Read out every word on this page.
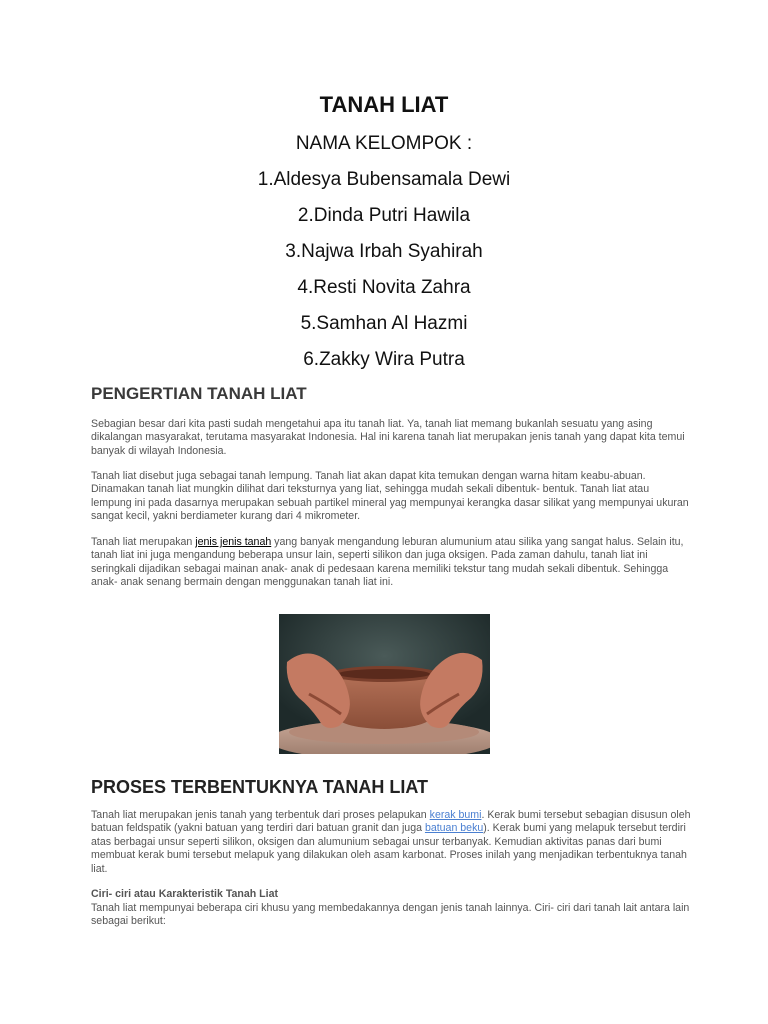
TANAH LIAT
NAMA KELOMPOK :
1.Aldesya Bubensamala Dewi
2.Dinda Putri Hawila
3.Najwa Irbah Syahirah
4.Resti Novita Zahra
5.Samhan Al Hazmi
6.Zakky Wira Putra
PENGERTIAN TANAH LIAT

Sebagian besar dari kita pasti sudah mengetahui apa itu tanah liat. Ya, tanah liat memang bukanlah sesuatu yang asing dikalangan masyarakat, terutama masyarakat Indonesia. Hal ini karena tanah liat merupakan jenis tanah yang dapat kita temui banyak di wilayah Indonesia.

Tanah liat disebut juga sebagai tanah lempung. Tanah liat akan dapat kita temukan dengan warna hitam keabu-abuan. Dinamakan tanah liat mungkin dilihat dari teksturnya yang liat, sehingga mudah sekali dibentuk- bentuk. Tanah liat atau lempung ini pada dasarnya merupakan sebuah partikel mineral yag mempunyai kerangka dasar silikat yang mempunyai ukuran sangat kecil, yakni berdiameter kurang dari 4 mikrometer.

Tanah liat merupakan jenis jenis tanah yang banyak mengandung leburan alumunium atau silika yang sangat halus. Selain itu, tanah liat ini juga mengandung beberapa unsur lain, seperti silikon dan juga oksigen. Pada zaman dahulu, tanah liat ini seringkali dijadikan sebagai mainan anak- anak di pedesaan karena memiliki tekstur tang mudah sekali dibentuk. Sehingga anak- anak senang bermain dengan menggunakan tanah liat ini.

PROSES TERBENTUKNYA TANAH LIAT

Tanah liat merupakan jenis tanah yang terbentuk dari proses pelapukan kerak bumi. Kerak bumi tersebut sebagian disusun oleh batuan feldspatik (yakni batuan yang terdiri dari batuan granit dan juga batuan beku). Kerak bumi yang melapuk tersebut terdiri atas berbagai unsur seperti silikon, oksigen dan alumunium sebagai unsur terbanyak. Kemudian aktivitas panas dari bumi membuat kerak bumi tersebut melapuk yang dilakukan oleh asam karbonat. Proses inilah yang menjadikan terbentuknya tanah liat.

Ciri- ciri atau Karakteristik Tanah Liat

Tanah liat mempunyai beberapa ciri khusu yang membedakannya dengan jenis tanah lainnya. Ciri- ciri dari tanah lait antara lain sebagai berikut:
